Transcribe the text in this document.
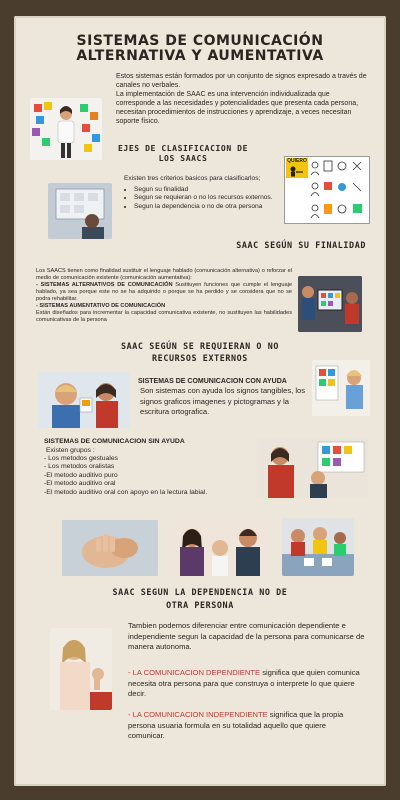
SISTEMAS DE COMUNICACIÓN
ALTERNATIVA Y AUMENTATIVA
Estos sistemas están formados por un conjunto de signos expresado a través de canales no verbales.
La implementación de SAAC es una intervención individualizada que corresponde a las necesidades y potencialidades que presenta cada persona, necesitan procedimientos de instrucciones y aprendizaje, a veces necesitan soporte físico.
EJES DE CLASIFICACION DE
LOS SAACS
Existen tres criterios basicos para clasificarlos;
• Segun su finalidad
• Segun se requieran o no los recursos externos.
• Segun la dependencia o no de otra persona
QUIERO
SAAC SEGÚN SU FINALIDAD
Los SAACS tienen como finalidad sustituir el lenguaje hablado (comunicación alternativa) o reforzar el medio de comunicación existente (comunicación aumentativa):
- SISTEMAS ALTERNATIVOS DE COMUNICACIÓN Sustituyen funciones que cumple el lenguaje hablado, ya sea porque este no se ha adquirido o porque se ha perdido y se considera que no se podra rehabilitar.
- SISTEMAS AUMENTATIVO DE COMUNICACIÓN
Están diseñados para incrementar la capacidad comunicativa existente, no sustituyen las habilidades comunicativas de la persona
SAAC SEGÚN SE REQUIERAN O NO
RECURSOS EXTERNOS
SISTEMAS DE COMUNICACION CON AYUDA
Son sistemas con ayuda los signos tangibles, los signos graficos imagenes y pictogramas y la escritura ortografica.
SISTEMAS DE COMUNICACION SIN AYUDA
Existen grupos :
- Los metodos gestuales
- Los metodos oralistas
-El metodo auditivo puro
-El metodo auditivo oral
-El metodo auditivo oral con apoyo en la lectura labial.
SAAC SEGUN LA DEPENDENCIA NO DE
OTRA PERSONA
Tambien podemos diferenciar entre comunicación dependiente e independiente segun la capacidad de la persona para comunicarse de manera autonoma.
- LA COMUNICACION DEPENDIENTE significa que quien comunica necesita otra persona para que construya o interprete lo que quiere decir.
- LA COMUNICACION INDEPENDIENTE significa que la propia persona usuaria formula en su totalidad aquello que quiere comunicar.
